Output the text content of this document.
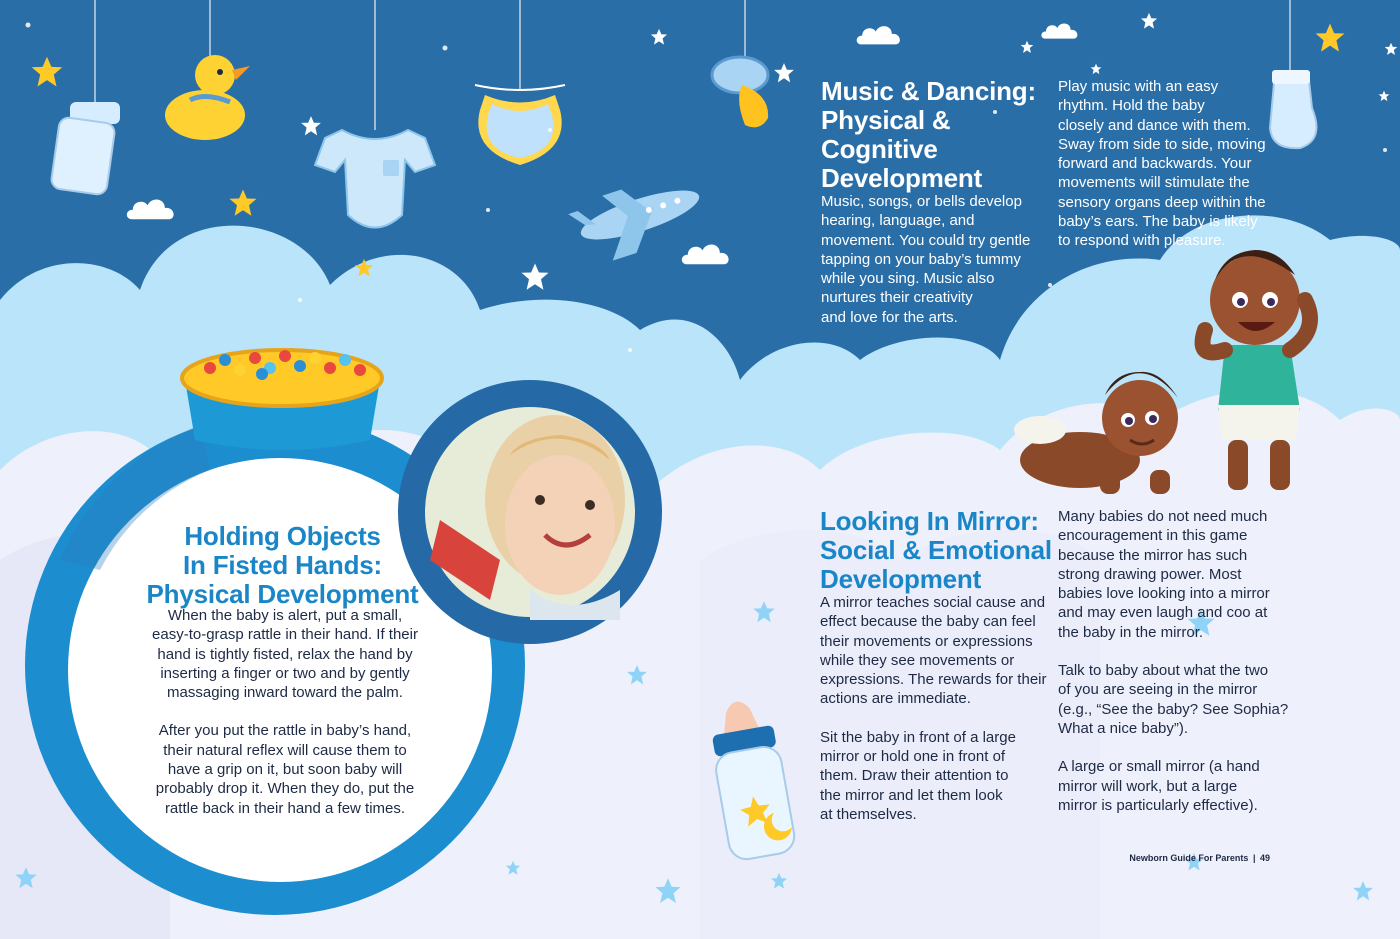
Music & Dancing:
Physical &
Cognitive
Development

Music, songs, or bells develop
hearing, language, and
movement. You could try gentle
tapping on your baby’s tummy
while you sing. Music also
nurtures their creativity
and love for the arts.

Play music with an easy
rhythm. Hold the baby
closely and dance with them.
Sway from side to side, moving
forward and backwards. Your
movements will stimulate the
sensory organs deep within the
baby’s ears. The baby is likely
to respond with pleasure.

Holding Objects
In Fisted Hands:
Physical Development

When the baby is alert, put a small,
easy-to-grasp rattle in their hand. If their
hand is tightly fisted, relax the hand by
inserting a finger or two and by gently
massaging inward toward the palm.

After you put the rattle in baby’s hand,
their natural reflex will cause them to
have a grip on it, but soon baby will
probably drop it. When they do, put the
rattle back in their hand a few times.

Looking In Mirror:
Social & Emotional
Development

A mirror teaches social cause and
effect because the baby can feel
their movements or expressions
while they see movements or
expressions. The rewards for their
actions are immediate.

Sit the baby in front of a large
mirror or hold one in front of
them. Draw their attention to
the mirror and let them look
at themselves.

Many babies do not need much
encouragement in this game
because the mirror has such
strong drawing power. Most
babies love looking into a mirror
and may even laugh and coo at
the baby in the mirror.

Talk to baby about what the two
of you are seeing in the mirror
(e.g., “See the baby? See Sophia?
What a nice baby”).

A large or small mirror (a hand
mirror will work, but a large
mirror is particularly effective).

Newborn Guide For Parents | 49
